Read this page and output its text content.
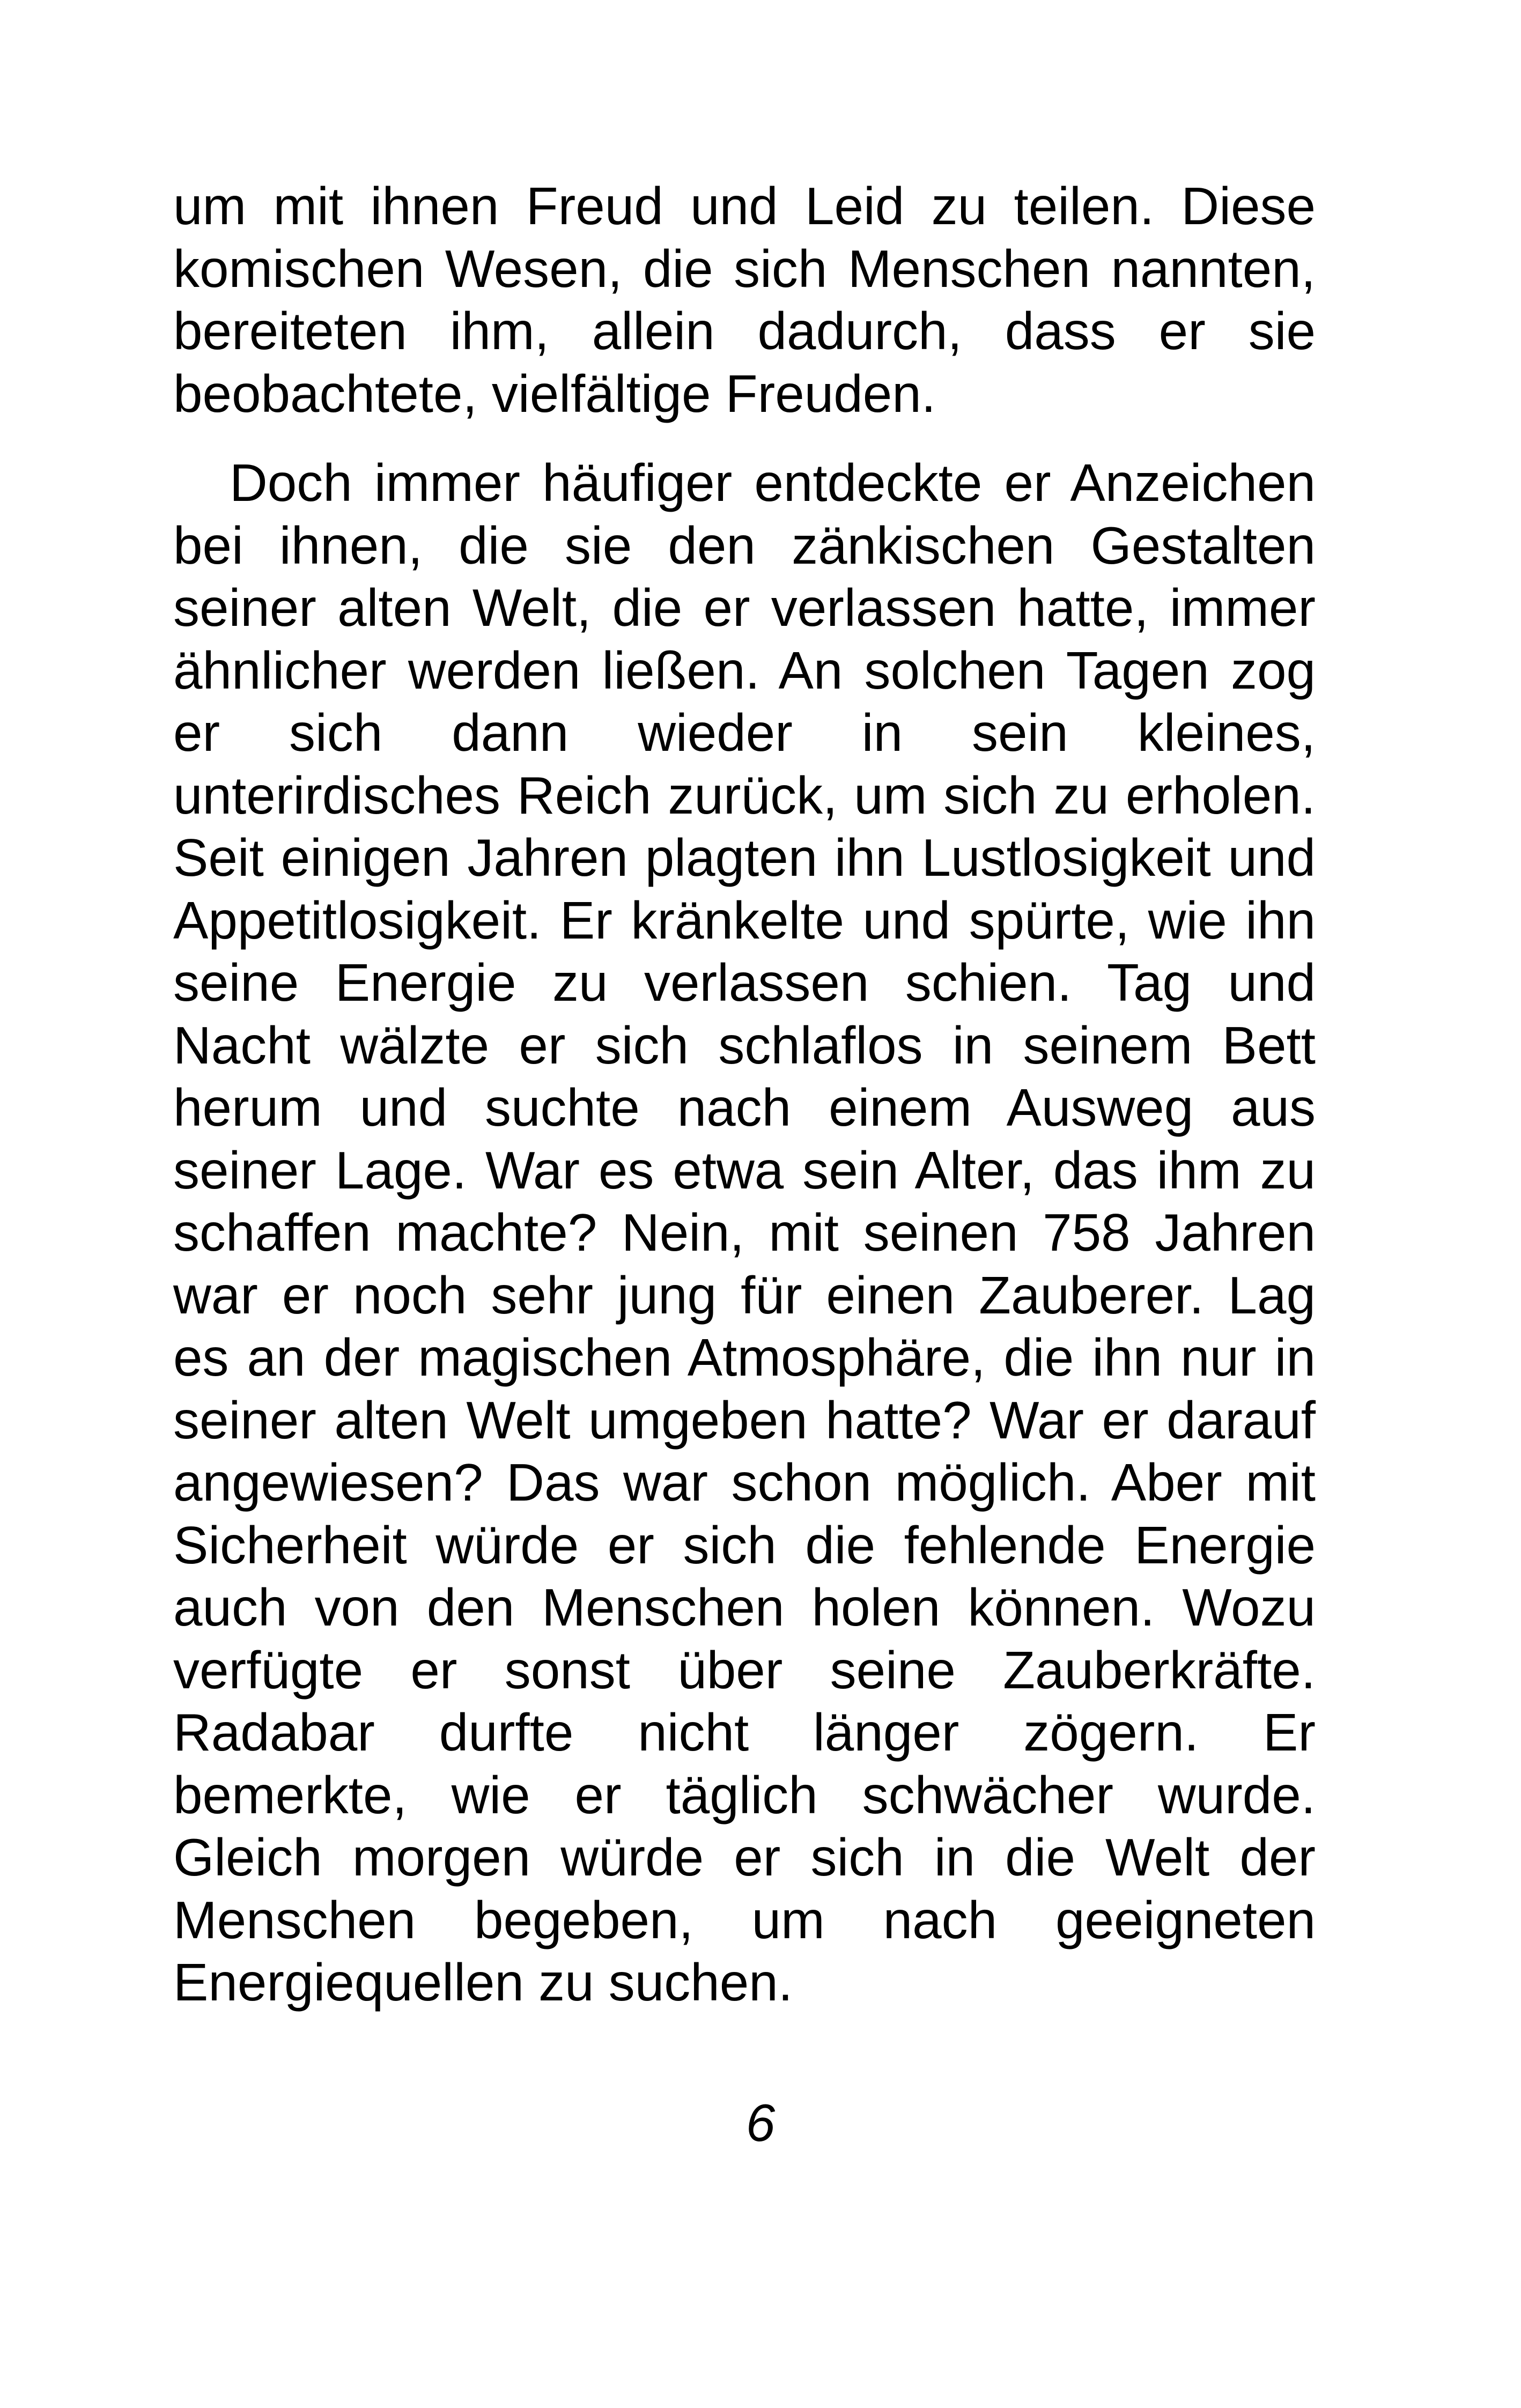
um mit ihnen Freud und Leid zu teilen. Diese
komischen Wesen, die sich Menschen nannten,
bereiteten ihm, allein dadurch, dass er sie
beobachtete, vielfältige Freuden.
Doch immer häufiger entdeckte er Anzeichen
bei ihnen, die sie den zänkischen Gestalten
seiner alten Welt, die er verlassen hatte, immer
ähnlicher werden ließen. An solchen Tagen zog
er sich dann wieder in sein kleines,
unterirdisches Reich zurück, um sich zu erholen.
Seit einigen Jahren plagten ihn Lustlosigkeit und
Appetitlosigkeit. Er kränkelte und spürte, wie ihn
seine Energie zu verlassen schien. Tag und
Nacht wälzte er sich schlaflos in seinem Bett
herum und suchte nach einem Ausweg aus
seiner Lage. War es etwa sein Alter, das ihm zu
schaffen machte? Nein, mit seinen 758 Jahren
war er noch sehr jung für einen Zauberer. Lag
es an der magischen Atmosphäre, die ihn nur in
seiner alten Welt umgeben hatte? War er darauf
angewiesen? Das war schon möglich. Aber mit
Sicherheit würde er sich die fehlende Energie
auch von den Menschen holen können. Wozu
verfügte er sonst über seine Zauberkräfte.
Radabar durfte nicht länger zögern. Er
bemerkte, wie er täglich schwächer wurde.
Gleich morgen würde er sich in die Welt der
Menschen begeben, um nach geeigneten
Energiequellen zu suchen.
6
